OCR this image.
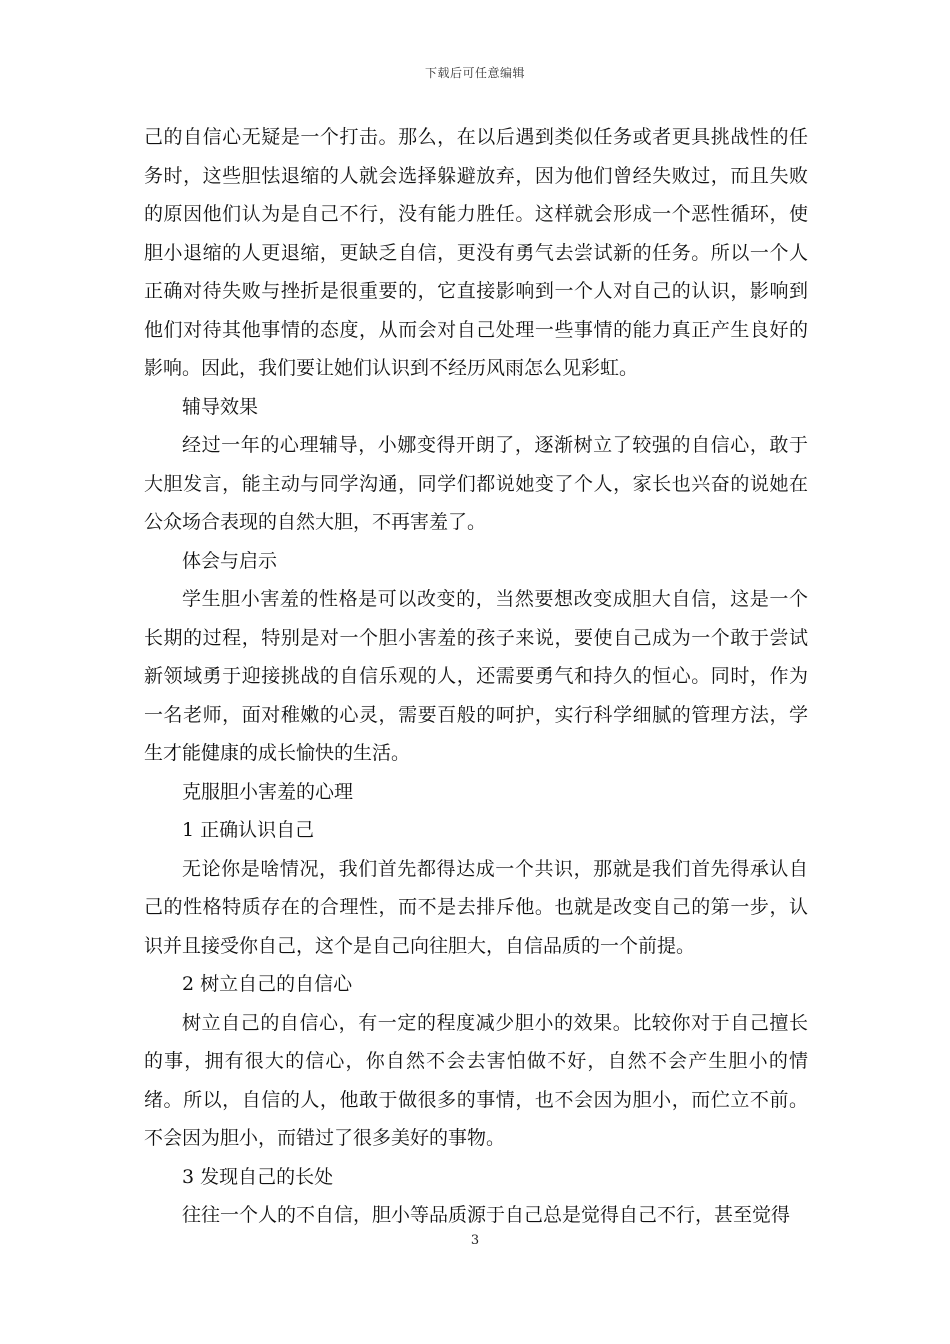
下载后可任意编辑

己的自信心无疑是一个打击。那么，在以后遇到类似任务或者更具挑战性的任务时，这些胆怯退缩的人就会选择躲避放弃，因为他们曾经失败过，而且失败的原因他们认为是自己不行，没有能力胜任。这样就会形成一个恶性循环，使胆小退缩的人更退缩，更缺乏自信，更没有勇气去尝试新的任务。所以一个人正确对待失败与挫折是很重要的，它直接影响到一个人对自己的认识，影响到他们对待其他事情的态度，从而会对自己处理一些事情的能力真正产生良好的影响。因此，我们要让她们认识到不经历风雨怎么见彩虹。

辅导效果

经过一年的心理辅导，小娜变得开朗了，逐渐树立了较强的自信心，敢于大胆发言，能主动与同学沟通，同学们都说她变了个人，家长也兴奋的说她在公众场合表现的自然大胆，不再害羞了。

体会与启示

学生胆小害羞的性格是可以改变的，当然要想改变成胆大自信，这是一个长期的过程，特别是对一个胆小害羞的孩子来说，要使自己成为一个敢于尝试新领域勇于迎接挑战的自信乐观的人，还需要勇气和持久的恒心。同时，作为一名老师，面对稚嫩的心灵，需要百般的呵护，实行科学细腻的管理方法，学生才能健康的成长愉快的生活。

克服胆小害羞的心理

1 正确认识自己

无论你是啥情况，我们首先都得达成一个共识，那就是我们首先得承认自己的性格特质存在的合理性，而不是去排斥他。也就是改变自己的第一步，认识并且接受你自己，这个是自己向往胆大，自信品质的一个前提。

2 树立自己的自信心

树立自己的自信心，有一定的程度减少胆小的效果。比较你对于自己擅长的事，拥有很大的信心，你自然不会去害怕做不好，自然不会产生胆小的情绪。所以，自信的人，他敢于做很多的事情，也不会因为胆小，而伫立不前。不会因为胆小，而错过了很多美好的事物。

3 发现自己的长处

往往一个人的不自信，胆小等品质源于自己总是觉得自己不行，甚至觉得

3
